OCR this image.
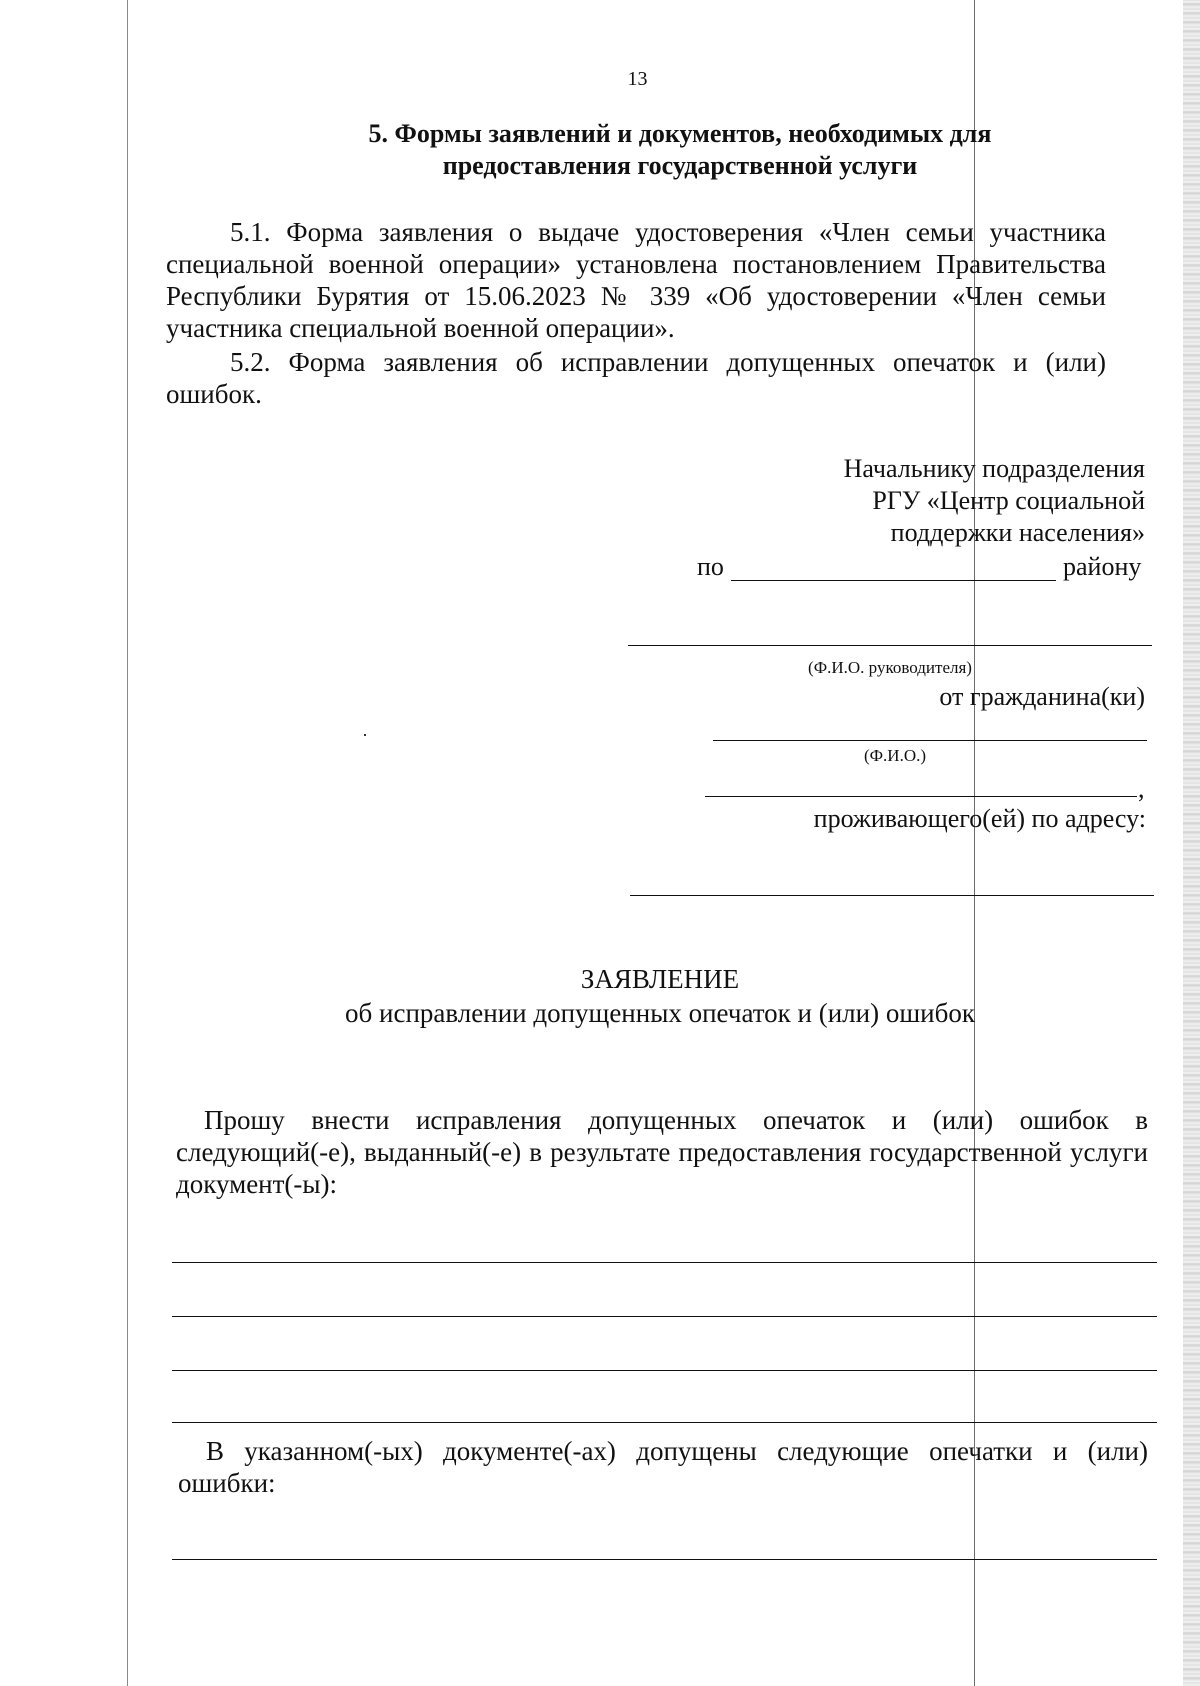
13
5. Формы заявлений и документов, необходимых для
предоставления государственной услуги
5.1. Форма заявления о выдаче удостоверения «Член семьи участника специальной военной операции» установлена постановлением Правительства Республики Бурятия от 15.06.2023 № 339 «Об удостоверении «Член семьи участника специальной военной операции».
5.2. Форма заявления об исправлении допущенных опечаток и (или) ошибок.
Начальнику подразделения
РГУ «Центр социальной
поддержки населения»
по	району
(Ф.И.О. руководителя)
от гражданина(ки)
(Ф.И.О.)
,
проживающего(ей) по адресу:
ЗАЯВЛЕНИЕ
об исправлении допущенных опечаток и (или) ошибок
Прошу внести исправления допущенных опечаток и (или) ошибок в следующий(-е), выданный(-е) в результате предоставления государственной услуги документ(-ы):
В указанном(-ых) документе(-ах) допущены следующие опечатки и (или) ошибки:
